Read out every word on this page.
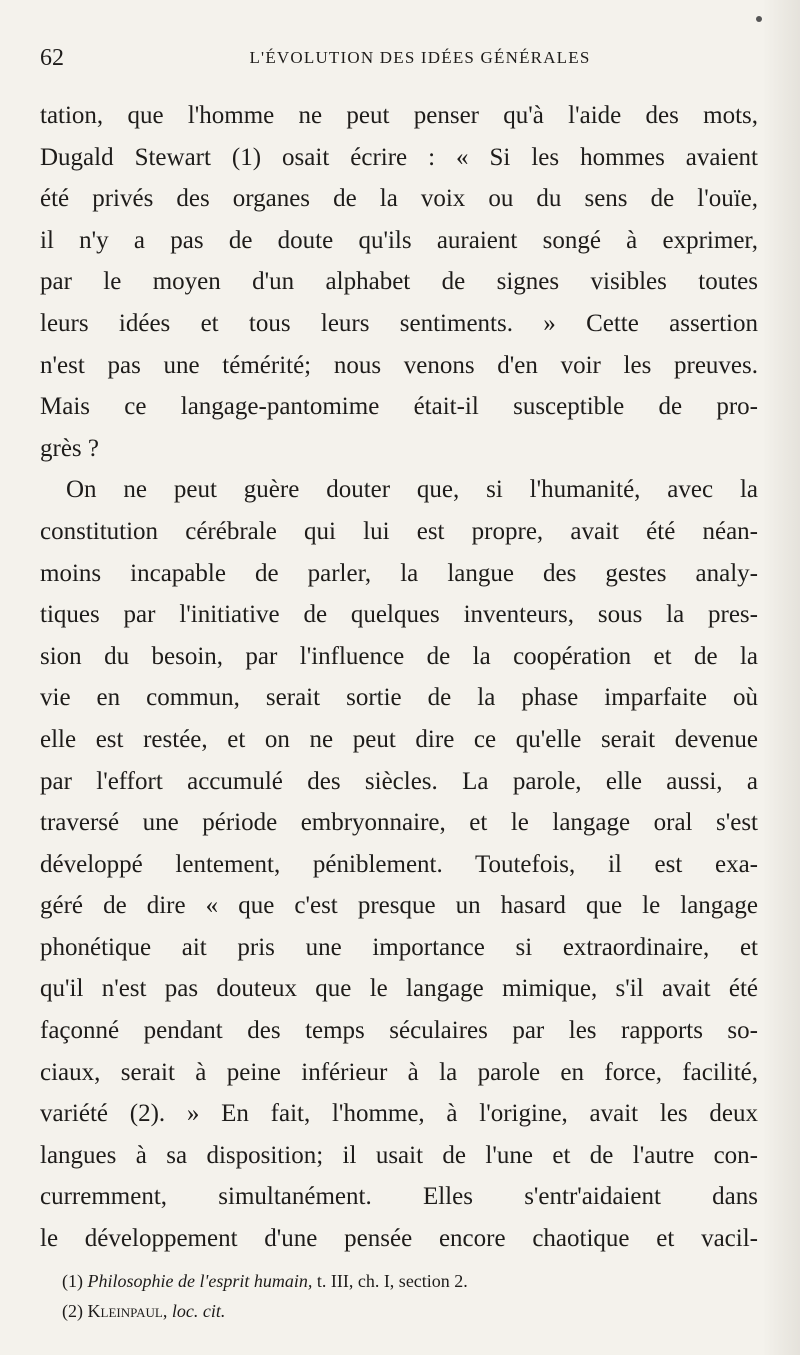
62	L'ÉVOLUTION DES IDÉES GÉNÉRALES
tation, que l'homme ne peut penser qu'à l'aide des mots,
Dugald Stewart (1) osait écrire : « Si les hommes avaient
été privés des organes de la voix ou du sens de l'ouïe,
il n'y a pas de doute qu'ils auraient songé à exprimer,
par le moyen d'un alphabet de signes visibles toutes
leurs idées et tous leurs sentiments. » Cette assertion
n'est pas une témérité; nous venons d'en voir les preuves.
Mais ce langage-pantomime était-il susceptible de pro-
grès ?
On ne peut guère douter que, si l'humanité, avec la
constitution cérébrale qui lui est propre, avait été néan-
moins incapable de parler, la langue des gestes analy-
tiques par l'initiative de quelques inventeurs, sous la pres-
sion du besoin, par l'influence de la coopération et de la
vie en commun, serait sortie de la phase imparfaite où
elle est restée, et on ne peut dire ce qu'elle serait devenue
par l'effort accumulé des siècles. La parole, elle aussi, a
traversé une période embryonnaire, et le langage oral s'est
développé lentement, péniblement. Toutefois, il est exa-
géré de dire « que c'est presque un hasard que le langage
phonétique ait pris une importance si extraordinaire, et
qu'il n'est pas douteux que le langage mimique, s'il avait été
façonné pendant des temps séculaires par les rapports so-
ciaux, serait à peine inférieur à la parole en force, facilité,
variété (2). » En fait, l'homme, à l'origine, avait les deux
langues à sa disposition; il usait de l'une et de l'autre con-
curremment, simultanément. Elles s'entr'aidaient dans
le développement d'une pensée encore chaotique et vacil-
(1) Philosophie de l'esprit humain, t. III, ch. I, section 2.
(2) Kleinpaul, loc. cit.
